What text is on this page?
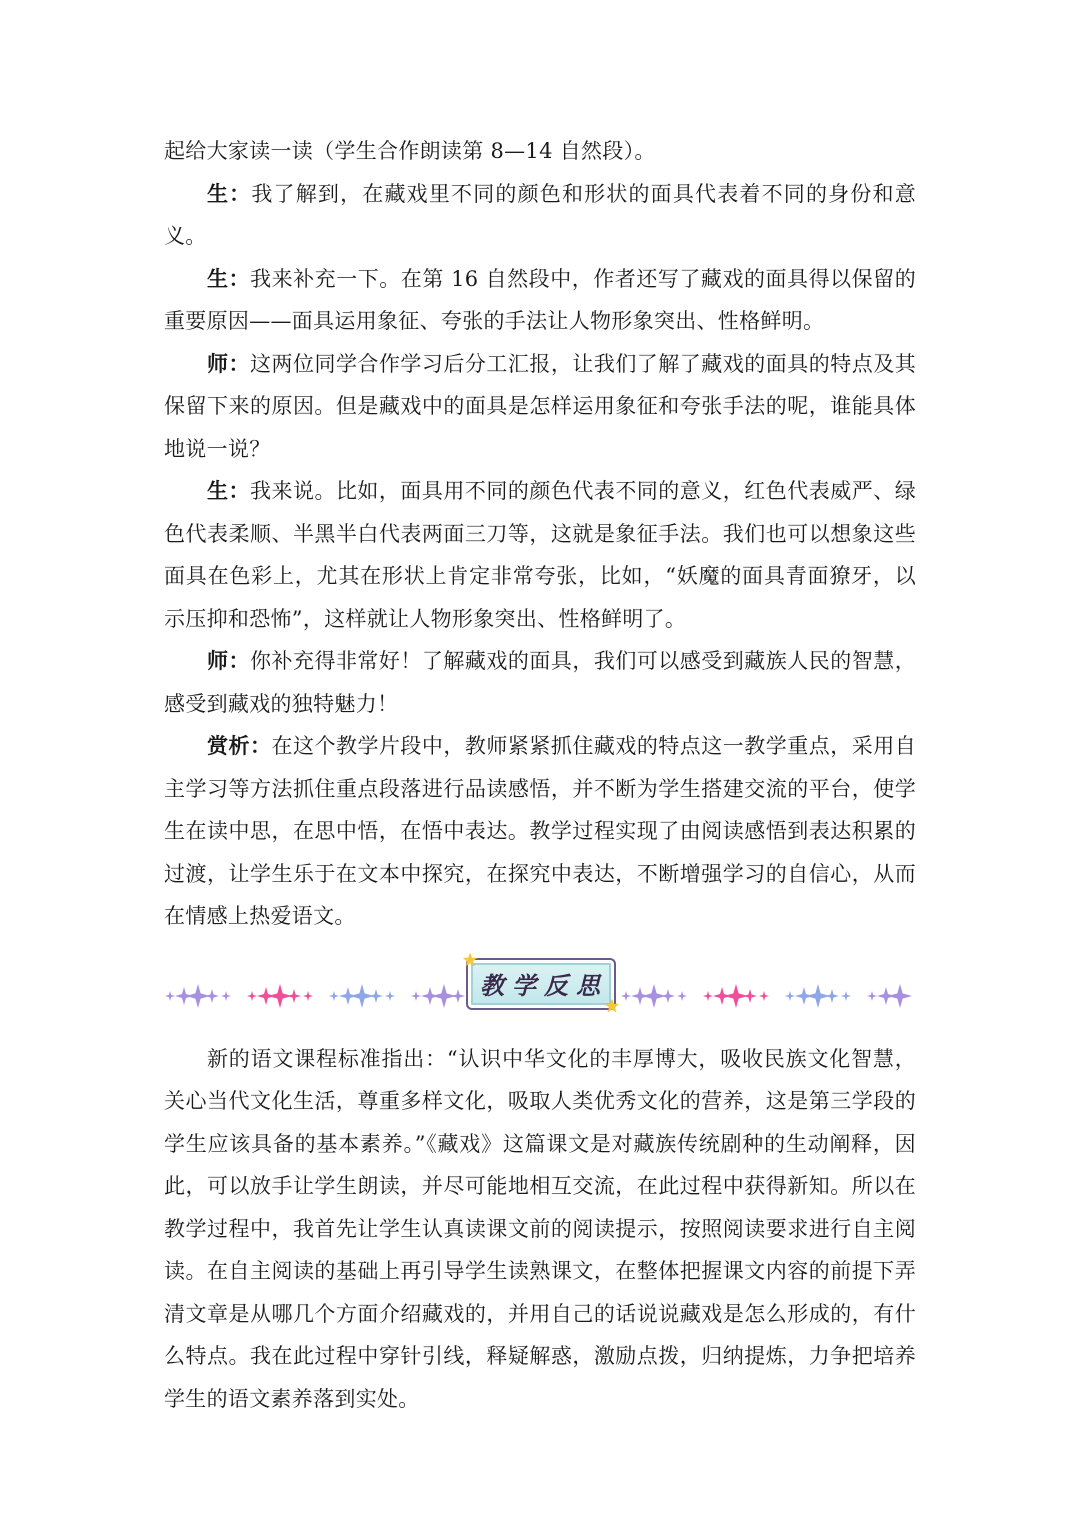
起给大家读一读（学生合作朗读第 8—14 自然段）。

生：我了解到，在藏戏里不同的颜色和形状的面具代表着不同的身份和意义。

生：我来补充一下。在第 16 自然段中，作者还写了藏戏的面具得以保留的重要原因——面具运用象征、夸张的手法让人物形象突出、性格鲜明。

师：这两位同学合作学习后分工汇报，让我们了解了藏戏的面具的特点及其保留下来的原因。但是藏戏中的面具是怎样运用象征和夸张手法的呢，谁能具体地说一说？

生：我来说。比如，面具用不同的颜色代表不同的意义，红色代表威严、绿色代表柔顺、半黑半白代表两面三刀等，这就是象征手法。我们也可以想象这些面具在色彩上，尤其在形状上肯定非常夸张，比如，“妖魔的面具青面獠牙，以示压抑和恐怖”，这样就让人物形象突出、性格鲜明了。

师：你补充得非常好！了解藏戏的面具，我们可以感受到藏族人民的智慧，感受到藏戏的独特魅力！

赏析：在这个教学片段中，教师紧紧抓住藏戏的特点这一教学重点，采用自主学习等方法抓住重点段落进行品读感悟，并不断为学生搭建交流的平台，使学生在读中思，在思中悟，在悟中表达。教学过程实现了由阅读感悟到表达积累的过渡，让学生乐于在文本中探究，在探究中表达，不断增强学习的自信心，从而在情感上热爱语文。

★
教学反思
★

新的语文课程标准指出：“认识中华文化的丰厚博大，吸收民族文化智慧，关心当代文化生活，尊重多样文化，吸取人类优秀文化的营养，这是第三学段的学生应该具备的基本素养。”《藏戏》这篇课文是对藏族传统剧种的生动阐释，因此，可以放手让学生朗读，并尽可能地相互交流，在此过程中获得新知。所以在教学过程中，我首先让学生认真读课文前的阅读提示，按照阅读要求进行自主阅读。在自主阅读的基础上再引导学生读熟课文，在整体把握课文内容的前提下弄清文章是从哪几个方面介绍藏戏的，并用自己的话说说藏戏是怎么形成的，有什么特点。我在此过程中穿针引线，释疑解惑，激励点拨，归纳提炼，力争把培养学生的语文素养落到实处。
